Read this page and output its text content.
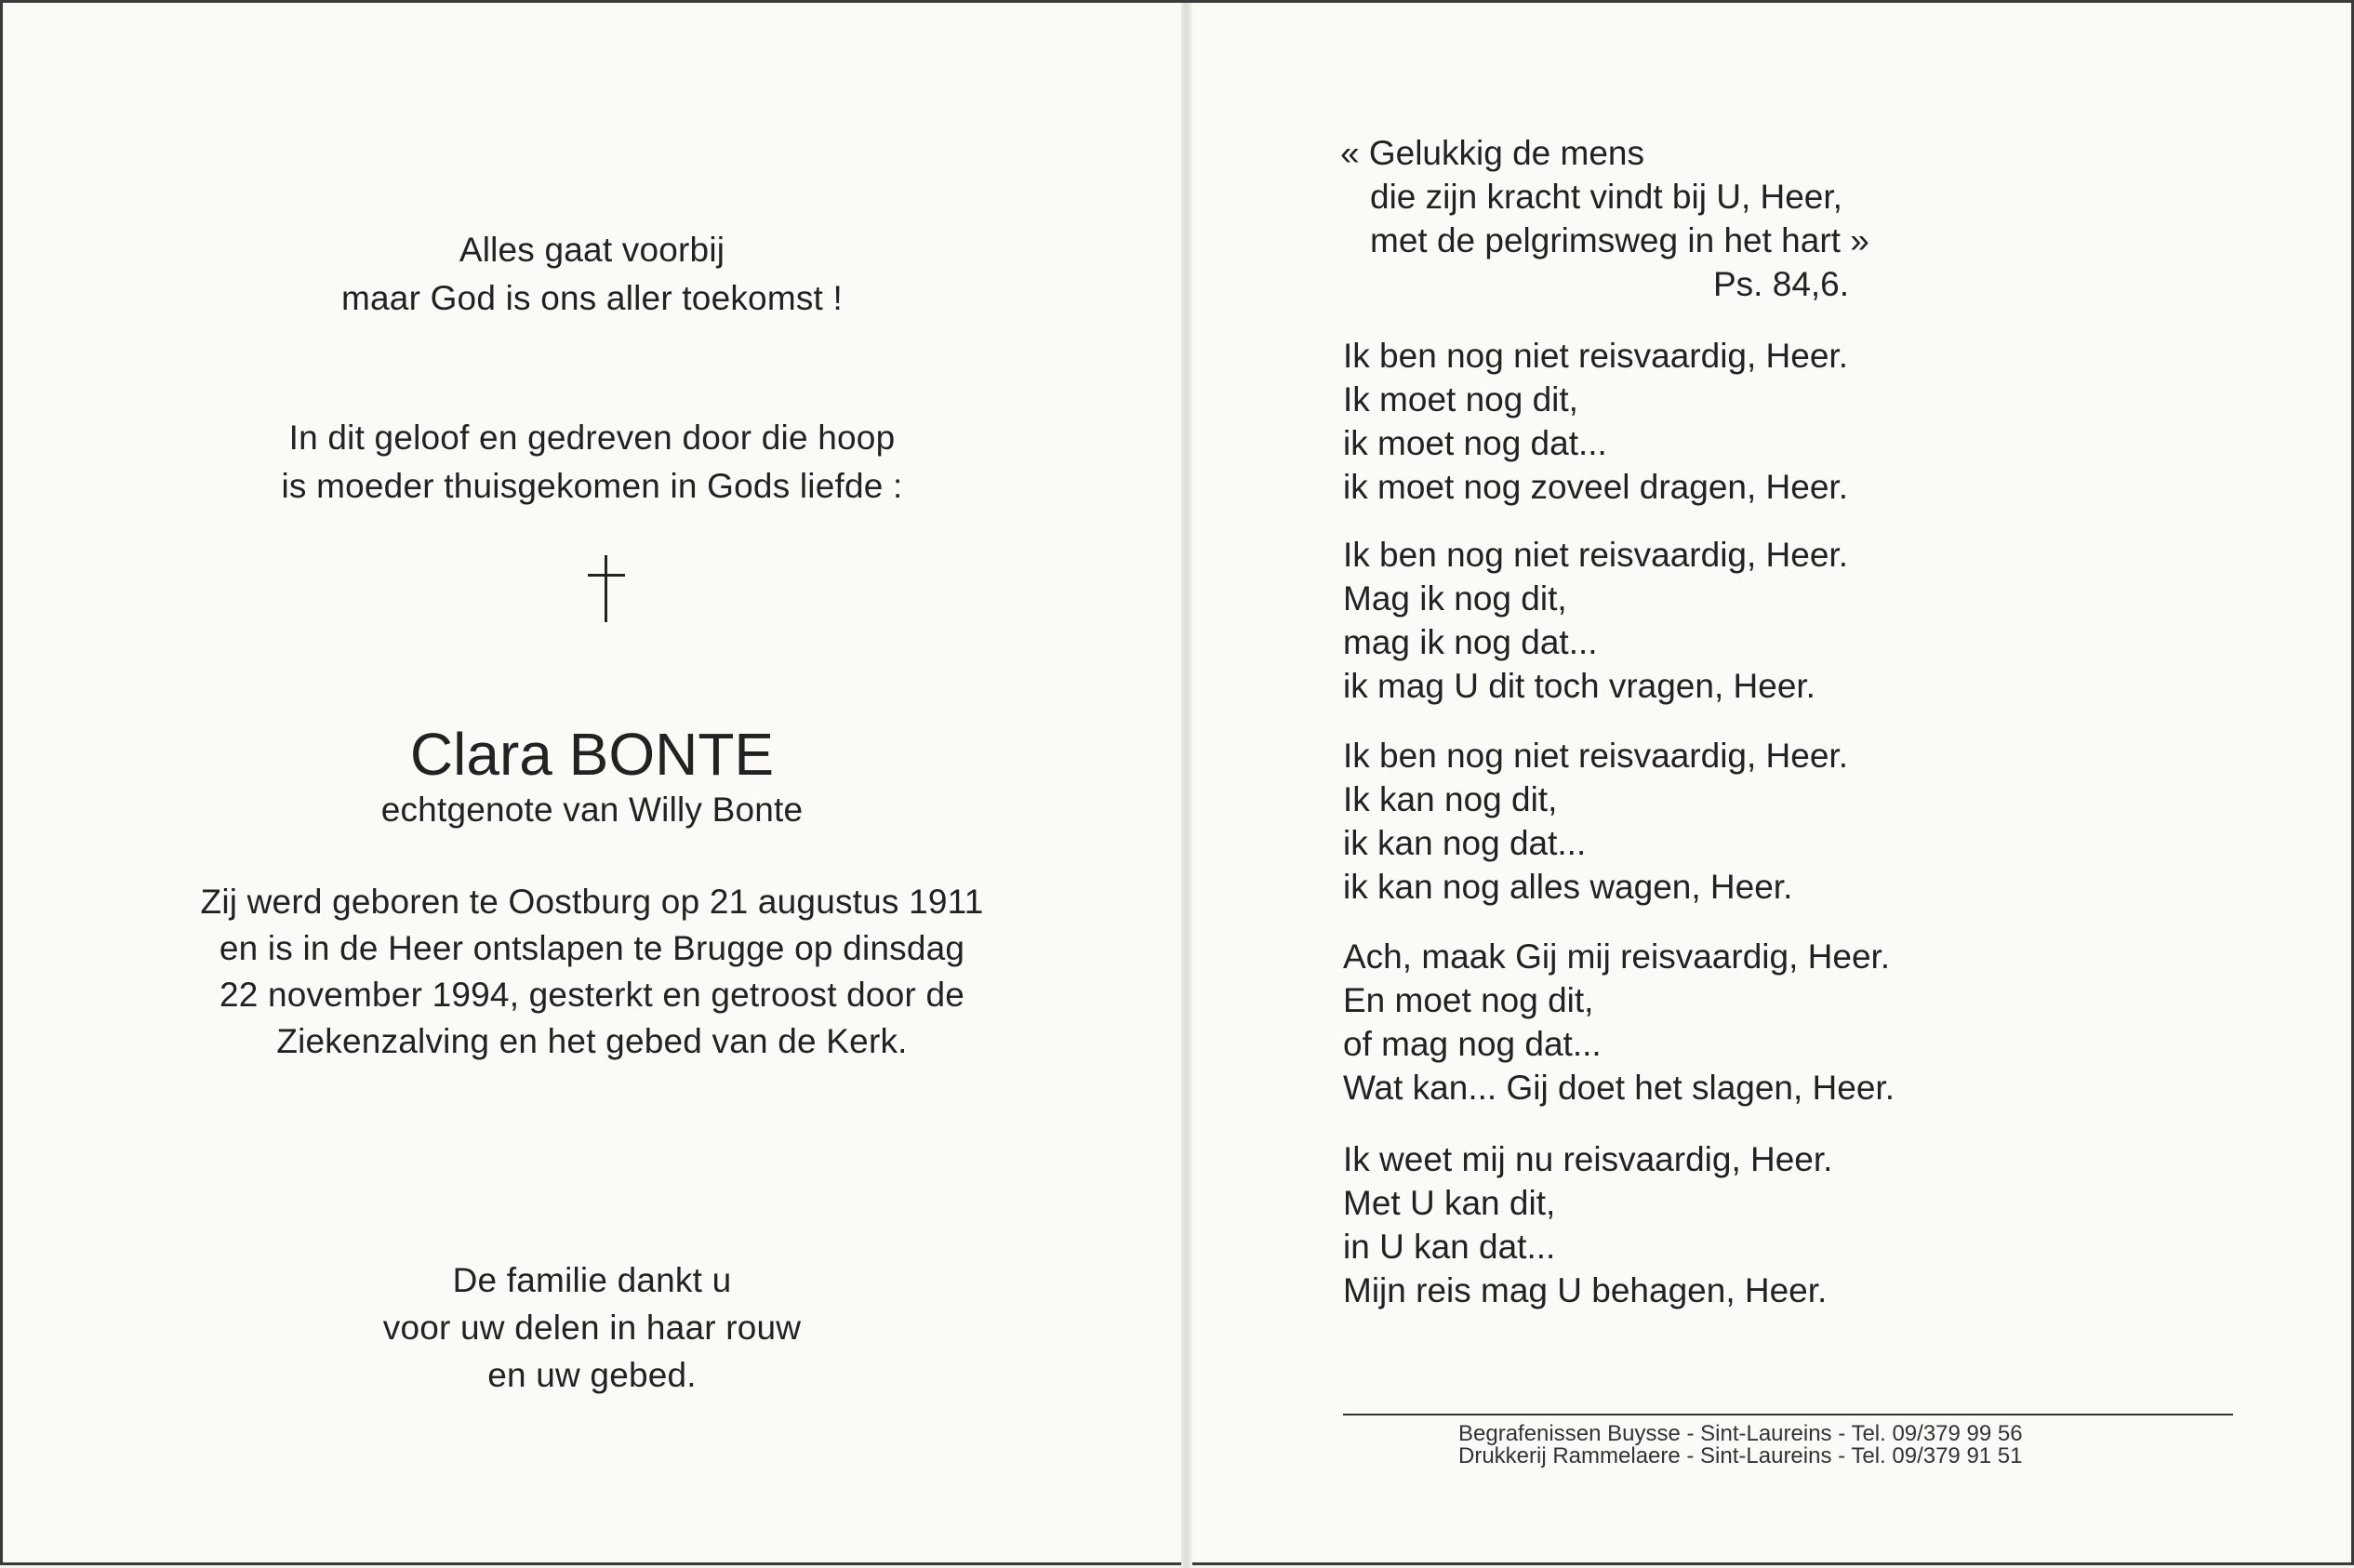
Alles gaat voorbij
maar God is ons aller toekomst !
In dit geloof en gedreven door die hoop
is moeder thuisgekomen in Gods liefde :
Clara BONTE
echtgenote van Willy Bonte
Zij werd geboren te Oostburg op 21 augustus 1911
en is in de Heer ontslapen te Brugge op dinsdag
22 november 1994, gesterkt en getroost door de
Ziekenzalving en het gebed van de Kerk.
De familie dankt u
voor uw delen in haar rouw
en uw gebed.
« Gelukkig de mens
die zijn kracht vindt bij U, Heer,
met de pelgrimsweg in het hart »
Ps. 84,6.
Ik ben nog niet reisvaardig, Heer.
Ik moet nog dit,
ik moet nog dat...
ik moet nog zoveel dragen, Heer.
Ik ben nog niet reisvaardig, Heer.
Mag ik nog dit,
mag ik nog dat...
ik mag U dit toch vragen, Heer.
Ik ben nog niet reisvaardig, Heer.
Ik kan nog dit,
ik kan nog dat...
ik kan nog alles wagen, Heer.
Ach, maak Gij mij reisvaardig, Heer.
En moet nog dit,
of mag nog dat...
Wat kan... Gij doet het slagen, Heer.
Ik weet mij nu reisvaardig, Heer.
Met U kan dit,
in U kan dat...
Mijn reis mag U behagen, Heer.
Begrafenissen Buysse - Sint-Laureins - Tel. 09/379 99 56
Drukkerij Rammelaere - Sint-Laureins - Tel. 09/379 91 51
